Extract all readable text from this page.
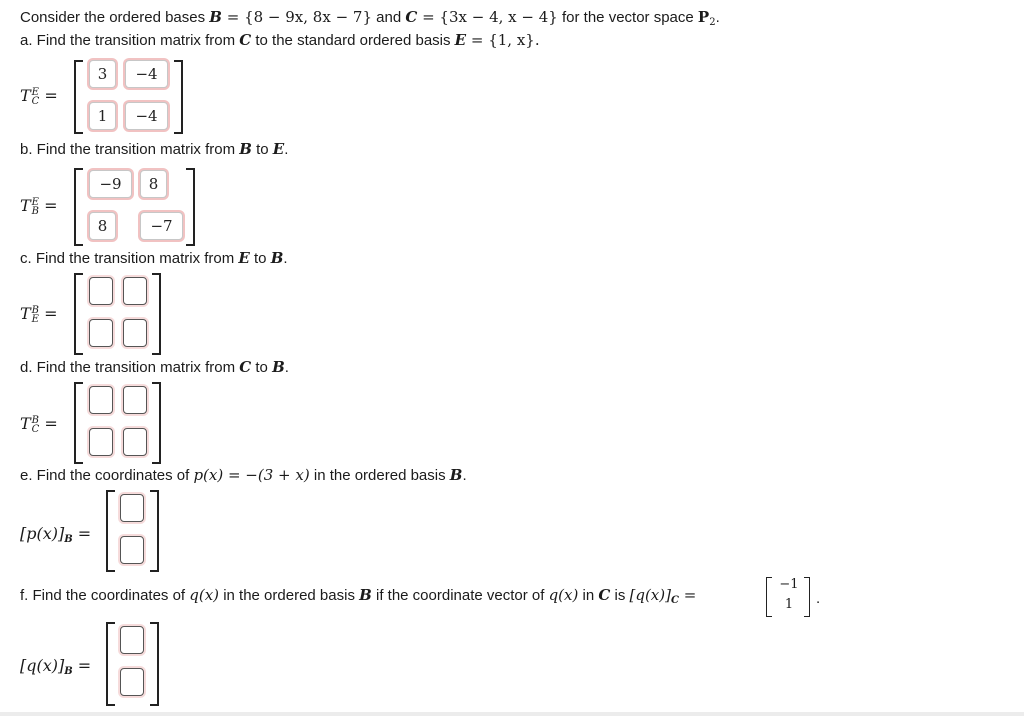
Consider the ordered bases B = {8 − 9x, 8x − 7} and C = {3x − 4, x − 4} for the vector space $P_2$.
a. Find the transition matrix from C to the standard ordered basis E = {1, x}.
TE
C =
3	−4
1	−4
b. Find the transition matrix from B to E.
TE
B =
−9	8
8	−7
c. Find the transition matrix from E to B.
TB
E =
d. Find the transition matrix from C to B.
TB
C =
e. Find the coordinates of p(x) = −(3 + x) in the ordered basis B.
$[p(x)]_B$ =
f. Find the coordinates of q(x) in the ordered basis B if the coordinate vector of q(x) in C is $[q(x)]_C$ =
−1
1	.
$[q(x)]_B$ =
